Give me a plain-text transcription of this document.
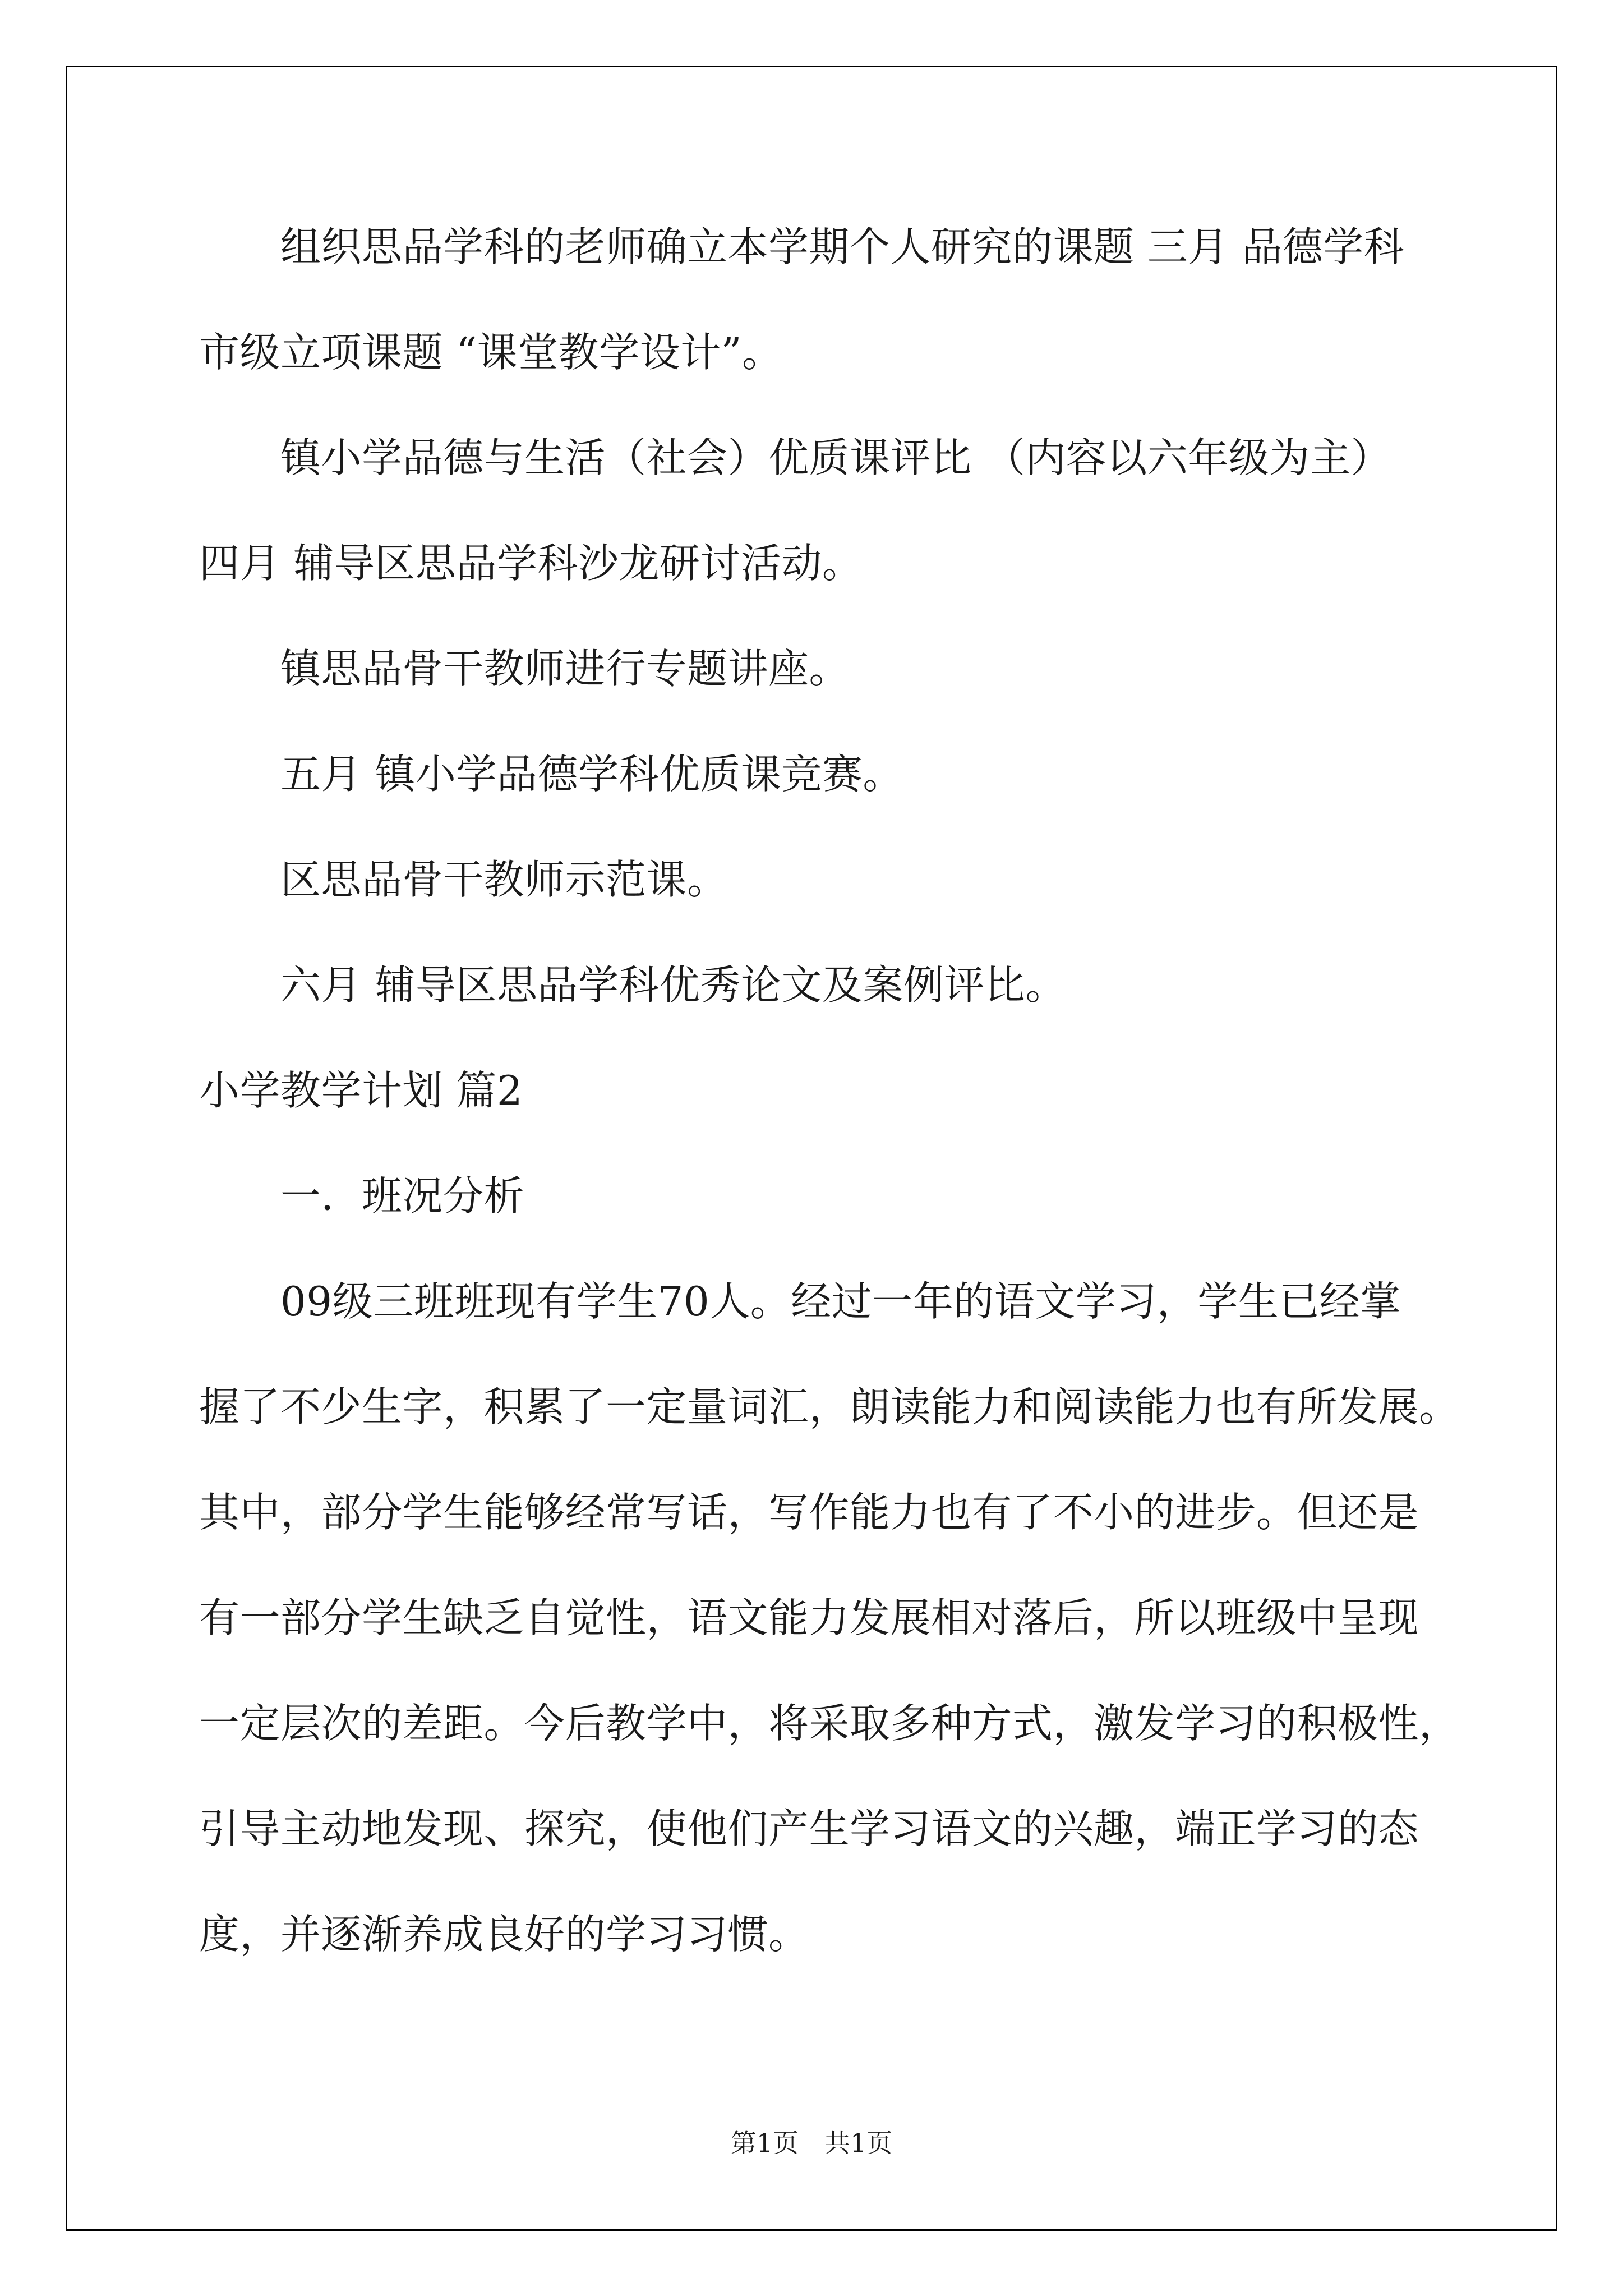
组织思品学科的老师确立本学期个人研究的课题 三月 品德学科
市级立项课题 “课堂教学设计”。
镇小学品德与生活（社会）优质课评比 （内容以六年级为主）
四月 辅导区思品学科沙龙研讨活动。
镇思品骨干教师进行专题讲座。
五月 镇小学品德学科优质课竞赛。
区思品骨干教师示范课。
六月 辅导区思品学科优秀论文及案例评比。
小学教学计划 篇2
一．班况分析
09级三班班现有学生70人。经过一年的语文学习，学生已经掌
握了不少生字，积累了一定量词汇，朗读能力和阅读能力也有所发展。
其中，部分学生能够经常写话，写作能力也有了不小的进步。但还是
有一部分学生缺乏自觉性，语文能力发展相对落后，所以班级中呈现
一定层次的差距。今后教学中，将采取多种方式，激发学习的积极性，
引导主动地发现、探究，使他们产生学习语文的兴趣，端正学习的态
度，并逐渐养成良好的学习习惯。
第1页　共1页
